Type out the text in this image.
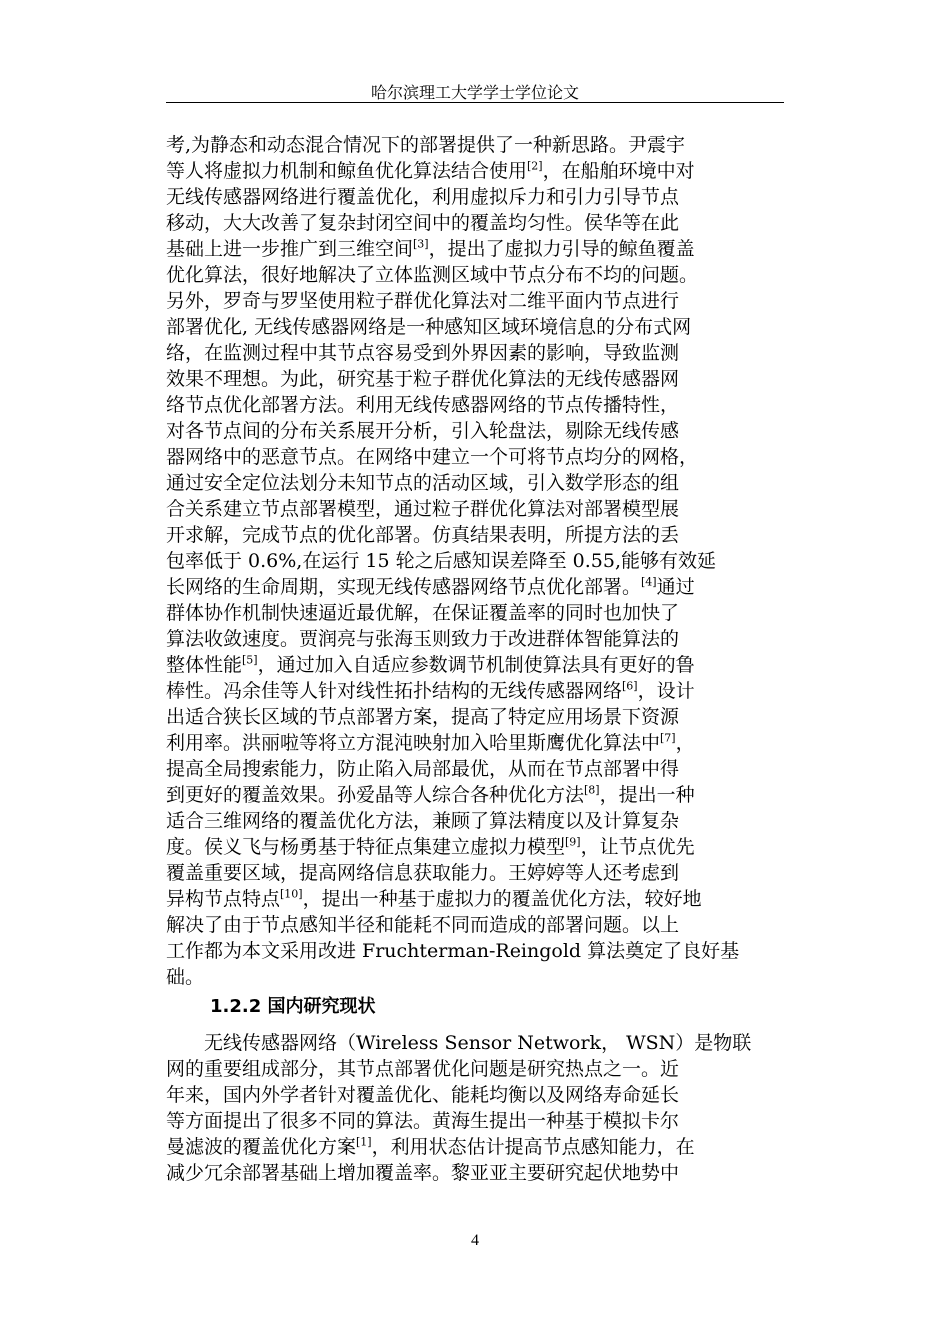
哈尔滨理工大学学士学位论文
考,为静态和动态混合情况下的部署提供了一种新思路。尹震宇
等人将虚拟力机制和鲸鱼优化算法结合使用[2]，在船舶环境中对
无线传感器网络进行覆盖优化，利用虚拟斥力和引力引导节点
移动，大大改善了复杂封闭空间中的覆盖均匀性。侯华等在此
基础上进一步推广到三维空间[3]，提出了虚拟力引导的鲸鱼覆盖
优化算法，很好地解决了立体监测区域中节点分布不均的问题。
另外，罗奇与罗坚使用粒子群优化算法对二维平面内节点进行
部署优化, 无线传感器网络是一种感知区域环境信息的分布式网
络，在监测过程中其节点容易受到外界因素的影响，导致监测
效果不理想。为此，研究基于粒子群优化算法的无线传感器网
络节点优化部署方法。利用无线传感器网络的节点传播特性，
对各节点间的分布关系展开分析，引入轮盘法，剔除无线传感
器网络中的恶意节点。在网络中建立一个可将节点均分的网格，
通过安全定位法划分未知节点的活动区域，引入数学形态的组
合关系建立节点部署模型，通过粒子群优化算法对部署模型展
开求解，完成节点的优化部署。仿真结果表明，所提方法的丢
包率低于 0.6%,在运行 15 轮之后感知误差降至 0.55,能够有效延
长网络的生命周期，实现无线传感器网络节点优化部署。[4]通过
群体协作机制快速逼近最优解，在保证覆盖率的同时也加快了
算法收敛速度。贾润亮与张海玉则致力于改进群体智能算法的
整体性能[5]，通过加入自适应参数调节机制使算法具有更好的鲁
棒性。冯余佳等人针对线性拓扑结构的无线传感器网络[6]，设计
出适合狭长区域的节点部署方案，提高了特定应用场景下资源
利用率。洪丽啦等将立方混沌映射加入哈里斯鹰优化算法中[7]，
提高全局搜索能力，防止陷入局部最优，从而在节点部署中得
到更好的覆盖效果。孙爱晶等人综合各种优化方法[8]，提出一种
适合三维网络的覆盖优化方法，兼顾了算法精度以及计算复杂
度。侯义飞与杨勇基于特征点集建立虚拟力模型[9]，让节点优先
覆盖重要区域，提高网络信息获取能力。王婷婷等人还考虑到
异构节点特点[10]，提出一种基于虚拟力的覆盖优化方法，较好地
解决了由于节点感知半径和能耗不同而造成的部署问题。以上
工作都为本文采用改进 Fruchterman-Reingold 算法奠定了良好基
础。
1.2.2 国内研究现状
　　无线传感器网络（Wireless Sensor Network， WSN）是物联
网的重要组成部分，其节点部署优化问题是研究热点之一。近
年来，国内外学者针对覆盖优化、能耗均衡以及网络寿命延长
等方面提出了很多不同的算法。黄海生提出一种基于模拟卡尔
曼滤波的覆盖优化方案[1]，利用状态估计提高节点感知能力，在
减少冗余部署基础上增加覆盖率。黎亚亚主要研究起伏地势中
4
